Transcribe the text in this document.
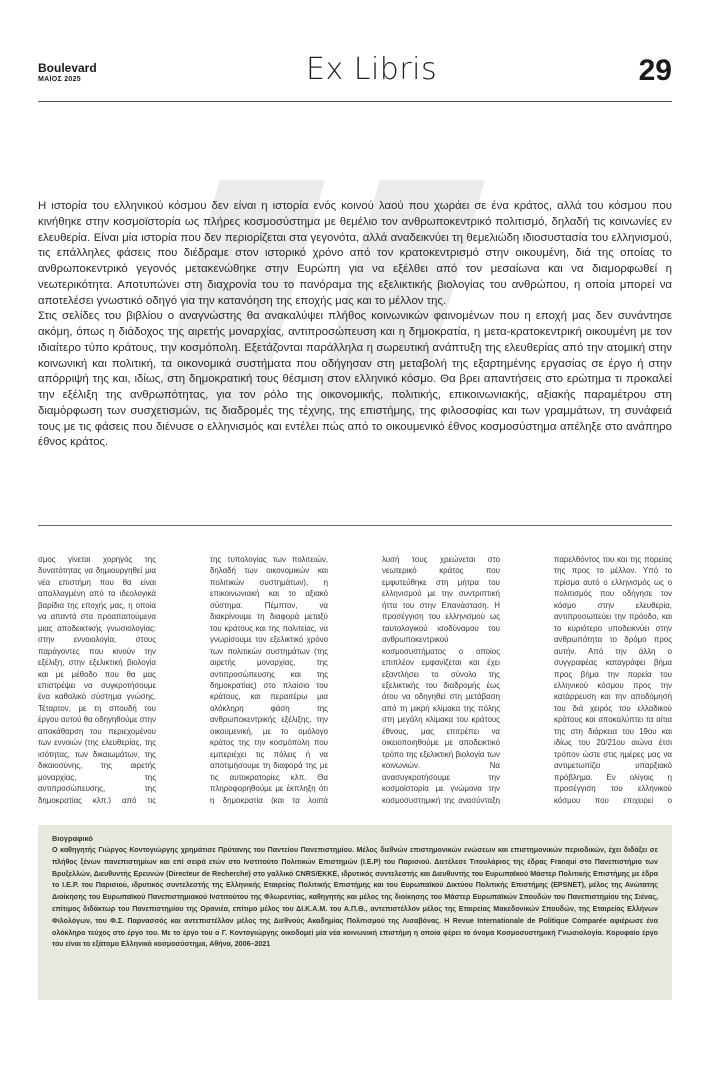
Boulevard
ΜΑΪΟΣ 2025	Ex Libris	29

Η ιστορία του ελληνικού κόσμου δεν είναι η ιστορία ενός κοινού λαού που χωράει σε ένα κράτος, αλλά του κόσμου που κινήθηκε στην κοσμοϊστορία ως πλήρες κοσμοσύστημα με θεμέλιο τον ανθρωποκεντρικό πολιτισμό, δηλαδή τις κοινωνίες εν ελευθερία. Είναι μία ιστορία που δεν περιορίζεται στα γεγονότα, αλλά αναδεικνύει τη θεμελιώδη ιδιοσυστασία του ελληνισμού, τις επάλληλες φάσεις που διέδραμε στον ιστορικό χρόνο από τον κρατοκεντρισμό στην οικουμένη, διά της οποίας το ανθρωποκεντρικό γεγονός μετακενώθηκε στην Ευρώπη για να εξέλθει από τον μεσαίωνα και να διαμορφωθεί η νεωτερικότητα. Αποτυπώνει στη διαχρονία του το πανόραμα της εξελικτικής βιολογίας του ανθρώπου, η οποία μπορεί να αποτελέσει γνωστικό οδηγό για την κατανόηση της εποχής μας και το μέλλον της.

Στις σελίδες του βιβλίου ο αναγνώστης θα ανακαλύψει πλήθος κοινωνικών φαινομένων που η εποχή μας δεν συνάντησε ακόμη, όπως η διάδοχος της αιρετής μοναρχίας, αντιπροσώπευση και η δημοκρατία, η μετα-κρατοκεντρική οικουμένη με τον ιδιαίτερο τύπο κράτους, την κοσμόπολη. Εξετάζονται παράλληλα η σωρευτική ανάπτυξη της ελευθερίας από την ατομική στην κοινωνική και πολιτική, τα οικονομικά συστήματα που οδήγησαν στη μεταβολή της εξαρτημένης εργασίας σε έργο ή στην απόρριψή της και, ιδίως, στη δημοκρατική τους θέσμιση στον ελληνικό κόσμο. Θα βρει απαντήσεις στο ερώτημα τι προκαλεί την εξέλιξη της ανθρωπότητας, για τον ρόλο της οικονομικής, πολιτικής, επικοινωνιακής, αξιακής παραμέτρου στη διαμόρφωση των συσχετισμών, τις διαδρομές της τέχνης, της επιστήμης, της φιλοσοφίας και των γραμμάτων, τη συνάφειά τους με τις φάσεις που διένυσε ο ελληνισμός και εντέλει πώς από το οικουμενικό έθνος κοσμοσύστημα απέληξε στο ανάπηρο έθνος κράτος.

σμος γίνεται χορηγός της δυνατότητας να δημιουργηθεί μια νέα επιστήμη που θα είναι απαλλαγμένη από τα ιδεολογικά βαρίδια της εποχής μας, η οποία να απαντά στα προαπαιτούμενα μιας αποδεικτικής γνωσιολογίας: στην εννοιολογία, στους παράγοντες που κινούν την εξέλιξη, στην εξελικτική βιολογία και με μέθοδο που θα μας επιστρέψει να συγκροτήσουμε ένα καθολικό σύστημα γνώσης. Τέταρτον, με τη σπουδή του έργου αυτού θα οδηγηθούμε στην αποκάθαρση του περιεχομένου των εννοιών (της ελευθερίας, της ισότητας, των δικαιωμάτων, της δικαιοσύνης, της αιρετής μοναρχίας, της αντιπροσώπευσης, της δημοκρατίας κλπ.) από τις

της τυπολογίας των πολιτειών, δηλαδή των οικονομικών και πολιτικών συστημάτων), η επικοινωνιακή και το αξιακό σύστημα. Πέμπτον, να διακρίνουμε τη διαφορά μεταξύ του κράτους και της πολιτείας, να γνωρίσουμε τον εξελικτικό χρόνο των πολιτικών συστημάτων (της αιρετής μοναρχίας, της αντιπροσώπευσης και της δημοκρατίας) στο πλαίσιο του κράτους, και περαιτέρω μια ολόκληρη φάση της ανθρωποκεντρικής εξέλιξης, την οικουμενική, με το ομόλογο κράτος της την κοσμόπολη που εμπεριέχει τις πόλεις ή να αποτιμήσουμε τη διαφορά της με τις αυτοκρατορίες κλπ. Θα πληροφορηθούμε με έκπληξη ότι η δημοκρατία (και τα λοιπά

λυσή τους χρεώνεται στο νεωτερικό κράτος που εμφυτεύθηκε στη μήτρα του ελληνισμού με την συντριπτική ήττα του στην Επανάσταση. Η προσέγγιση του ελληνισμού ως ταυτολογικού ισοδύναμου του ανθρωποκεντρικού κοσμοσυστήματος ο οποίος επιπλέον εμφανίζεται και έχει εξαντλήσει το σύνολο της εξελικτικής του διαδρομής έως ότου να οδηγηθεί στη μετάβαση από τη μικρή κλίμακα της πόλης στη μεγάλη κλίμακα του κράτους έθνους, μας επιτρέπει να οικειοποιηθούμε με αποδεικτικό τρόπο της εξελικτική βιολογία των κοινωνιών. Να ανασυγκροτήσουμε την κοσμοϊστορία με γνώμονα την κοσμοσυστημική της ανασύνταξη

παρελθόντος του και της πορείας της προς το μέλλον. Υπό το πρίσμα αυτό ο ελληνισμός ως ο πολιτισμός που οδήγησε τον κόσμο στην ελευθερία, αντιπροσωπεύει την πρόοδο, και το κυριότερο υποδεικνύει στην ανθρωπότητα το δρόμο προς αυτήν. Από την άλλη ο συγγραφέας καταγράφει βήμα προς βήμα την πορεία του ελληνικού κόσμου προς την κατάρρευση και την αποδόμησή του διά χειρός του ελλαδικού κράτους και αποκαλύπτει τα αίτια της στη διάρκεια του 19ου και ιδίως του 20/21ου αιώνα έτσι τρόπον ώστε στις ημέρες μας να αντιμετωπίζει υπαρξιακό πρόβλημα. Εν ολίγοις η προσέγγιση του ελληνικού κόσμου που επιχειρεί ο

Βιογραφικό

Ο καθηγητής Γιώργος Κοντογιώργης χρημάτισε Πρύτανης του Παντείου Πανεπιστημίου. Μέλος διεθνών επιστημονικών ενώσεων και επιστημονικών περιοδικών, έχει διδάξει σε πλήθος ξένων πανεπιστημίων και επί σειρά ετών στο Ινστιτούτο Πολιτικών Επιστημών (I.E.P) του Παρισιού. Διετέλεσε Τιτουλάριος της έδρας Franqui στο Πανεπιστήμιο των Βρυξελλών, Διευθυντής Ερευνών (Directeur de Recherche) στο γαλλικό CNRS/EKKE, ιδρυτικός συντελεστής και Διευθυντής του Ευρωπαϊκού Μάστερ Πολιτικής Επιστήμης με έδρα το I.E.P. του Παρισιού, ιδρυτικός συντελεστής της Ελληνικής Εταιρείας Πολιτικής Επιστήμης και του Ευρωπαϊκού Δικτύου Πολιτικής Επιστήμης (EPSNET), μέλος της Ανώτατης Διοίκησης του Ευρωπαϊκού Πανεπιστημιακού Ινστιτούτου της Φλωρεντίας, καθηγητής και μέλος της διοίκησης του Μάστερ Ευρωπαϊκών Σπουδών του Πανεπιστημίου της Σιένας, επίτιμος διδάκτωρ του Πανεπιστημίου της Ορανιέα, επίτιμο μέλος του ΔΙ.Κ.Α.Μ. του Α.Π.Θ., αντεπιστέλλον μέλος της Εταιρείας Μακεδονικών Σπουδών, της Εταιρείας Ελλήνων Φιλολόγων, του Φ.Σ. Παρνασσός και αντεπιστέλλον μέλος της Διεθνούς Ακαδημίας Πολιτισμού της Λισαβόνας. Η Revue Internationale de Politique Comparée αφιέρωσε ένα ολόκληρο τεύχος στο έργο του. Με το έργο του ο Γ. Κοντογιώργης οικοδομεί μία νέα κοινωνική επιστήμη η οποία φέρει το όνομα Κοσμοσυστημική Γνωσιολογία. Κορυφαίο έργο του είναι το εξάτομο Ελληνικό κοσμοσύστημα, Αθήνα, 2006–2021
